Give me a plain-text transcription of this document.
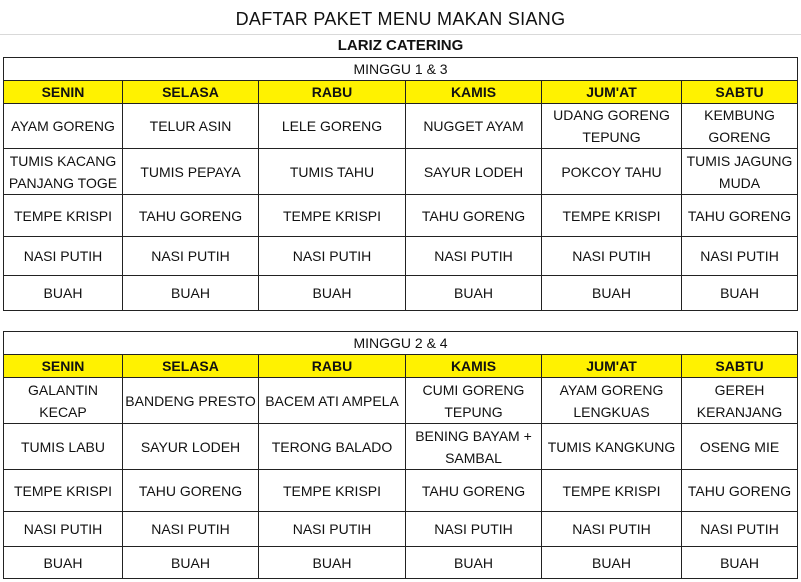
DAFTAR PAKET MENU MAKAN SIANG
LARIZ CATERING
MINGGU 1 & 3					
SENIN	SELASA	RABU	KAMIS	JUM'AT	SABTU
AYAM GORENG	TELUR ASIN	LELE GORENG	NUGGET AYAM	UDANG GORENG TEPUNG	KEMBUNG GORENG
TUMIS KACANG PANJANG TOGE	TUMIS PEPAYA	TUMIS TAHU	SAYUR LODEH	POKCOY TAHU	TUMIS JAGUNG MUDA
TEMPE KRISPI	TAHU GORENG	TEMPE KRISPI	TAHU GORENG	TEMPE KRISPI	TAHU GORENG
NASI PUTIH	NASI PUTIH	NASI PUTIH	NASI PUTIH	NASI PUTIH	NASI PUTIH
BUAH	BUAH	BUAH	BUAH	BUAH	BUAH
MINGGU 2 & 4					
SENIN	SELASA	RABU	KAMIS	JUM'AT	SABTU
GALANTIN KECAP	BANDENG PRESTO	BACEM ATI AMPELA	CUMI GORENG TEPUNG	AYAM GORENG LENGKUAS	GEREH KERANJANG
TUMIS LABU	SAYUR LODEH	TERONG BALADO	BENING BAYAM + SAMBAL	TUMIS KANGKUNG	OSENG MIE
TEMPE KRISPI	TAHU GORENG	TEMPE KRISPI	TAHU GORENG	TEMPE KRISPI	TAHU GORENG
NASI PUTIH	NASI PUTIH	NASI PUTIH	NASI PUTIH	NASI PUTIH	NASI PUTIH
BUAH	BUAH	BUAH	BUAH	BUAH	BUAH
